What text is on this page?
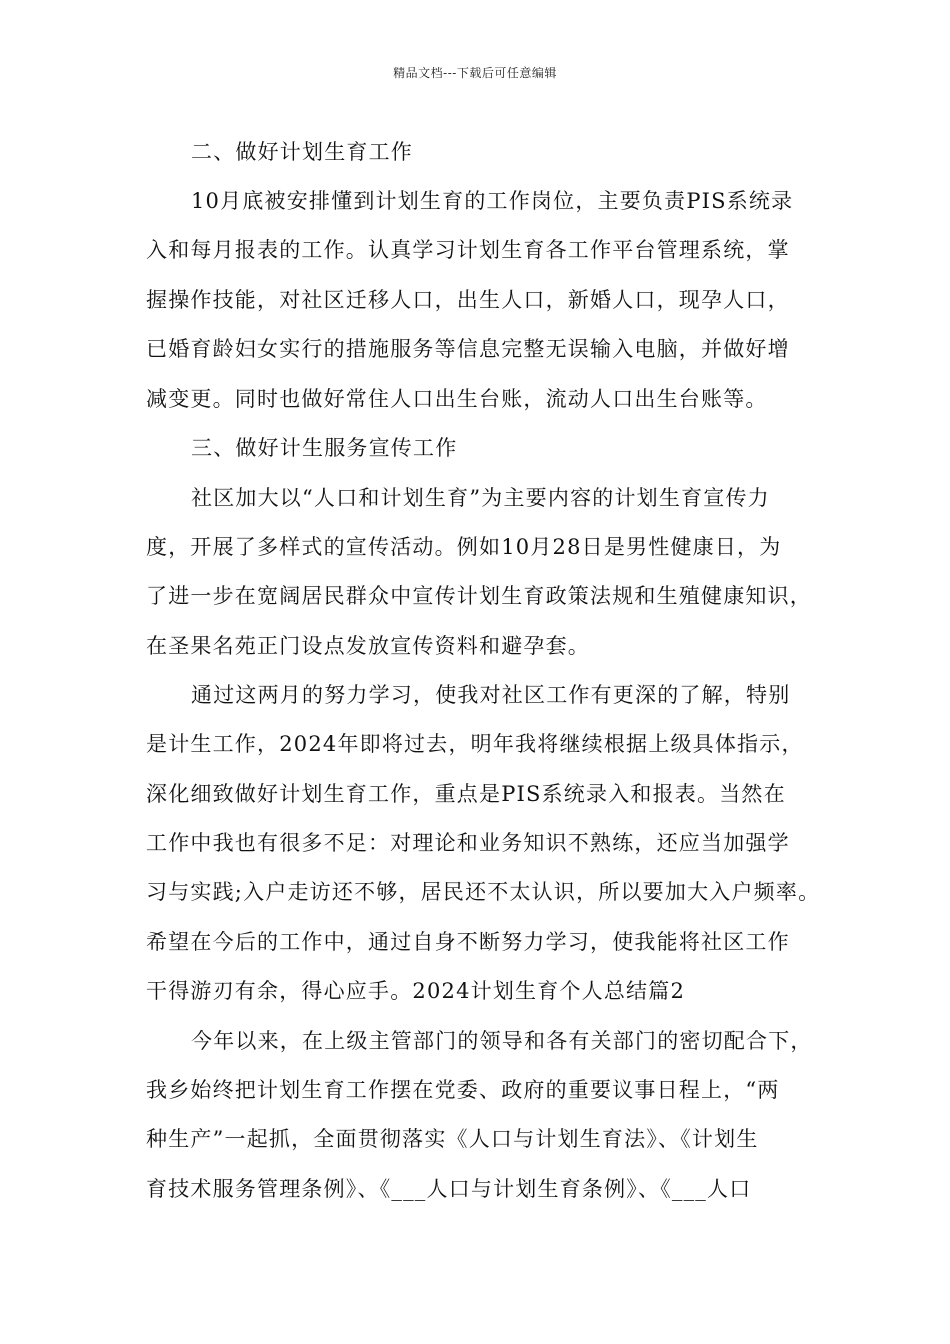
精品文档---下载后可任意编辑
二、做好计划生育工作
10月底被安排懂到计划生育的工作岗位，主要负责PIS系统录
入和每月报表的工作。认真学习计划生育各工作平台管理系统，掌
握操作技能，对社区迁移人口，出生人口，新婚人口，现孕人口，
已婚育龄妇女实行的措施服务等信息完整无误输入电脑，并做好增
减变更。同时也做好常住人口出生台账，流动人口出生台账等。
三、做好计生服务宣传工作
社区加大以“人口和计划生育”为主要内容的计划生育宣传力
度，开展了多样式的宣传活动。例如10月28日是男性健康日，为
了进一步在宽阔居民群众中宣传计划生育政策法规和生殖健康知识，
在圣果名苑正门设点发放宣传资料和避孕套。
通过这两月的努力学习，使我对社区工作有更深的了解，特别
是计生工作，2024年即将过去，明年我将继续根据上级具体指示，
深化细致做好计划生育工作，重点是PIS系统录入和报表。当然在
工作中我也有很多不足：对理论和业务知识不熟练，还应当加强学
习与实践;入户走访还不够，居民还不太认识，所以要加大入户频率。
希望在今后的工作中，通过自身不断努力学习，使我能将社区工作
干得游刃有余，得心应手。2024计划生育个人总结篇2
今年以来，在上级主管部门的领导和各有关部门的密切配合下，
我乡始终把计划生育工作摆在党委、政府的重要议事日程上，“两
种生产”一起抓，全面贯彻落实《人口与计划生育法》、《计划生
育技术服务管理条例》、《___人口与计划生育条例》、《___人口
